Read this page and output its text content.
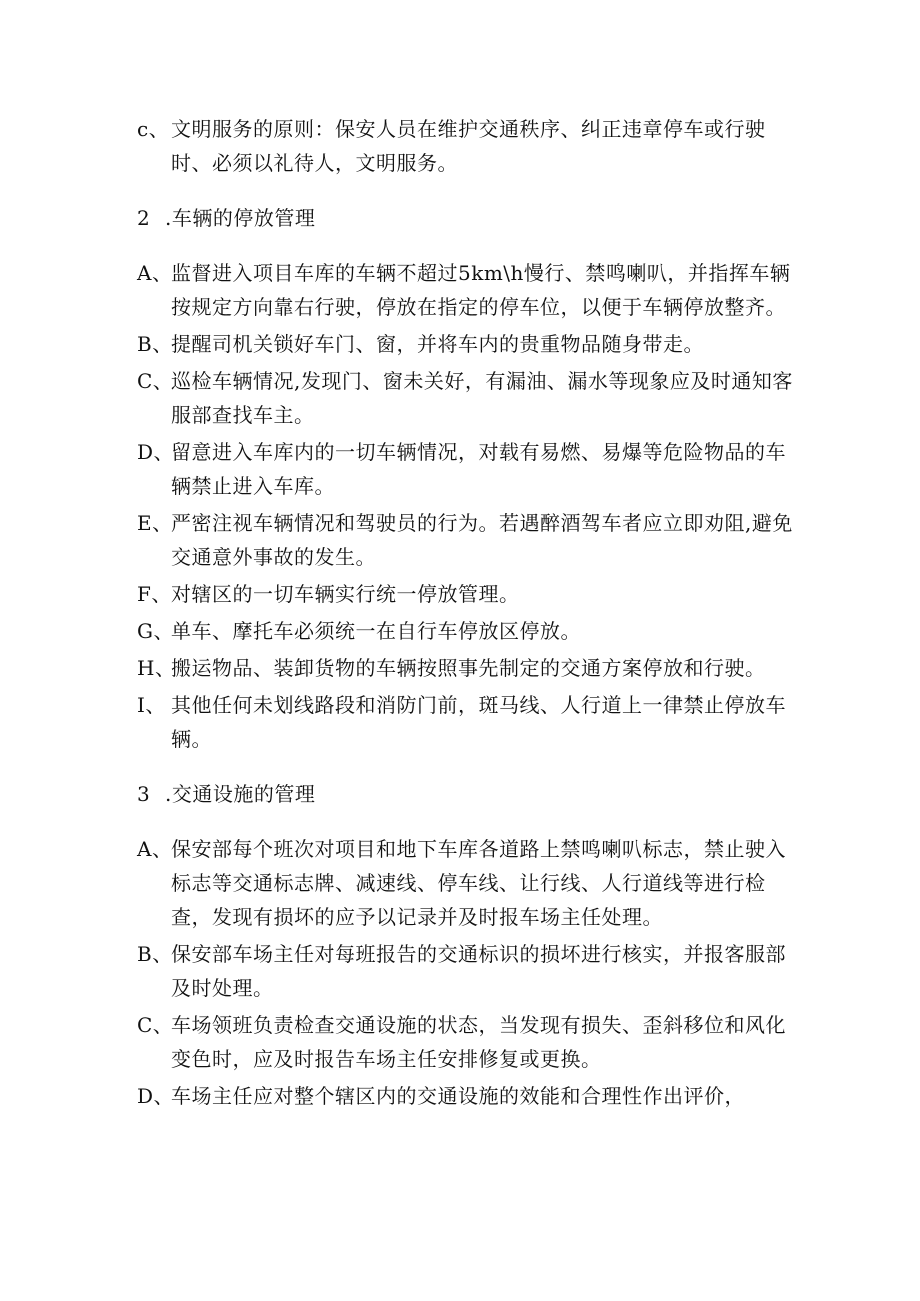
c、 文明服务的原则：保安人员在维护交通秩序、纠正违章停车或行驶时、必须以礼待人，文明服务。
2 .车辆的停放管理
A、
监督进入项目车库的车辆不超过5km\h慢行、禁鸣喇叭，并指挥车辆按规定方向靠右行驶，停放在指定的停车位，以便于车辆停放整齐。
B、
提醒司机关锁好车门、窗，并将车内的贵重物品随身带走。
C、
巡检车辆情况,发现门、窗未关好，有漏油、漏水等现象应及时通知客服部查找车主。
D、
留意进入车库内的一切车辆情况，对载有易燃、易爆等危险物品的车辆禁止进入车库。
E、
严密注视车辆情况和驾驶员的行为。若遇醉酒驾车者应立即劝阻,避免交通意外事故的发生。
F、 对辖区的一切车辆实行统一停放管理。
G、
单车、摩托车必须统一在自行车停放区停放。
H、
搬运物品、装卸货物的车辆按照事先制定的交通方案停放和行驶。
I、 其他任何未划线路段和消防门前，斑马线、人行道上一律禁止停放车辆。
3 .交通设施的管理
A、
保安部每个班次对项目和地下车库各道路上禁鸣喇叭标志，禁止驶入标志等交通标志牌、减速线、停车线、让行线、人行道线等进行检查，发现有损坏的应予以记录并及时报车场主任处理。
B、
保安部车场主任对每班报告的交通标识的损坏进行核实，并报客服部及时处理。
C、
车场领班负责检查交通设施的状态，当发现有损失、歪斜移位和风化变色时，应及时报告车场主任安排修复或更换。
D、
车场主任应对整个辖区内的交通设施的效能和合理性作出评价，
